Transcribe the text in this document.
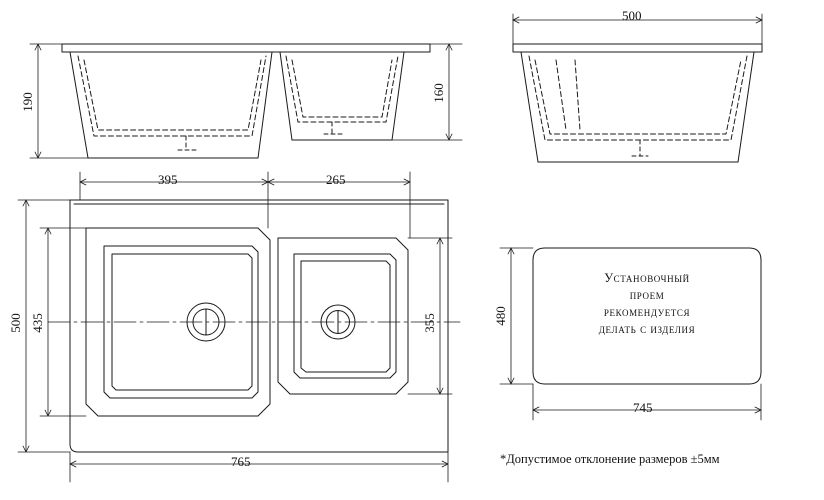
190	160
500
395	265
765
500 435	355	480
745
Установочный
проем
рекомендуется
делать с изделия
*Допустимое отклонение размеров ±5мм
